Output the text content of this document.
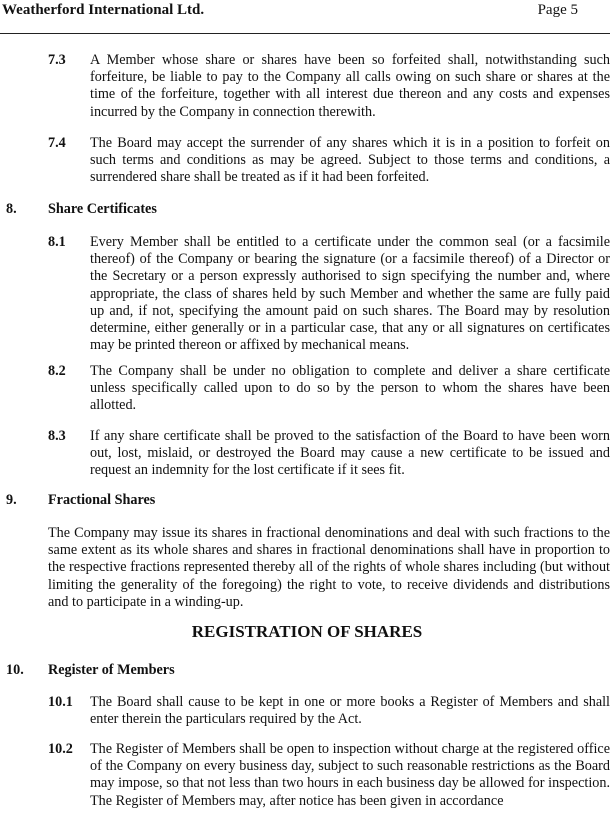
Weatherford International Ltd.	Page 5
7.3 A Member whose share or shares have been so forfeited shall, notwithstanding such forfeiture, be liable to pay to the Company all calls owing on such share or shares at the time of the forfeiture, together with all interest due thereon and any costs and expenses incurred by the Company in connection therewith.
7.4 The Board may accept the surrender of any shares which it is in a position to forfeit on such terms and conditions as may be agreed. Subject to those terms and conditions, a surrendered share shall be treated as if it had been forfeited.
8. Share Certificates
8.1 Every Member shall be entitled to a certificate under the common seal (or a facsimile thereof) of the Company or bearing the signature (or a facsimile thereof) of a Director or the Secretary or a person expressly authorised to sign specifying the number and, where appropriate, the class of shares held by such Member and whether the same are fully paid up and, if not, specifying the amount paid on such shares. The Board may by resolution determine, either generally or in a particular case, that any or all signatures on certificates may be printed thereon or affixed by mechanical means.
8.2 The Company shall be under no obligation to complete and deliver a share certificate unless specifically called upon to do so by the person to whom the shares have been allotted.
8.3 If any share certificate shall be proved to the satisfaction of the Board to have been worn out, lost, mislaid, or destroyed the Board may cause a new certificate to be issued and request an indemnity for the lost certificate if it sees fit.
9. Fractional Shares
The Company may issue its shares in fractional denominations and deal with such fractions to the same extent as its whole shares and shares in fractional denominations shall have in proportion to the respective fractions represented thereby all of the rights of whole shares including (but without limiting the generality of the foregoing) the right to vote, to receive dividends and distributions and to participate in a winding-up.
REGISTRATION OF SHARES
10. Register of Members
10.1 The Board shall cause to be kept in one or more books a Register of Members and shall enter therein the particulars required by the Act.
10.2 The Register of Members shall be open to inspection without charge at the registered office of the Company on every business day, subject to such reasonable restrictions as the Board may impose, so that not less than two hours in each business day be allowed for inspection. The Register of Members may, after notice has been given in accordance
